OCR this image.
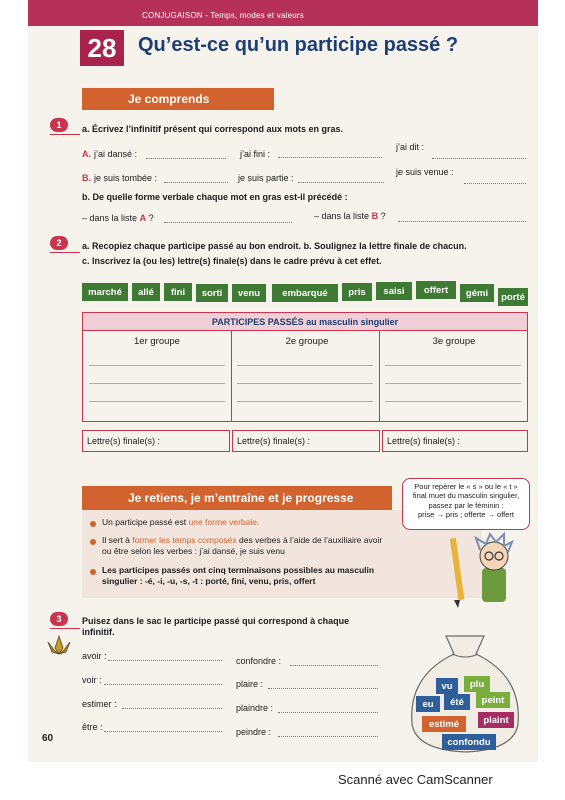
CONJUGAISON - Temps, modes et valeurs
28	Qu’est-ce qu’un participe passé ?
Je comprends
1	a. Écrivez l’infinitif présent qui correspond aux mots en gras.
A. j’ai dansé :	j’ai fini :
j’ai dit :
B. je suis tombée :	je suis partie :
je suis venue :
b. De quelle forme verbale chaque mot en gras est-il précédé :
– dans la liste A ?	– dans la liste B ?
2	a. Recopiez chaque participe passé au bon endroit. b. Soulignez la lettre finale de chacun.
c. Inscrivez la (ou les) lettre(s) finale(s) dans le cadre prévu à cet effet.
marché	allé	fini	sorti	venu	embarqué	pris	saisi	offert	gémi	porté
PARTICIPES PASSÉS au masculin singulier
1er groupe	2e groupe	3e groupe
Lettre(s) finale(s) :	Lettre(s) finale(s) :	Lettre(s) finale(s) :
Je retiens, je m’entraîne et je progresse
Pour repérer le « s » ou le « t »
final muet du masculin singulier,
passez par le féminin :
prise → pris ; offerte → offert
Un participe passé est une forme verbale.
Il sert à former les temps composés des verbes à l’aide de l’auxiliaire avoir
ou être selon les verbes : j’ai dansé, je suis venu
Les participes passés ont cinq terminaisons possibles au masculin
singulier : -é, -i, -u, -s, -t : porté, fini, venu, pris, offert
3	Puisez dans le sac le participe passé qui correspond à chaque
infinitif.
avoir :
voir :
estimer :
être :
confondre :
plaire :
plaindre :
peindre :
vu	plu
eu	été	peint
plaint
estimé
confondu
60
Scanné avec CamScanner
